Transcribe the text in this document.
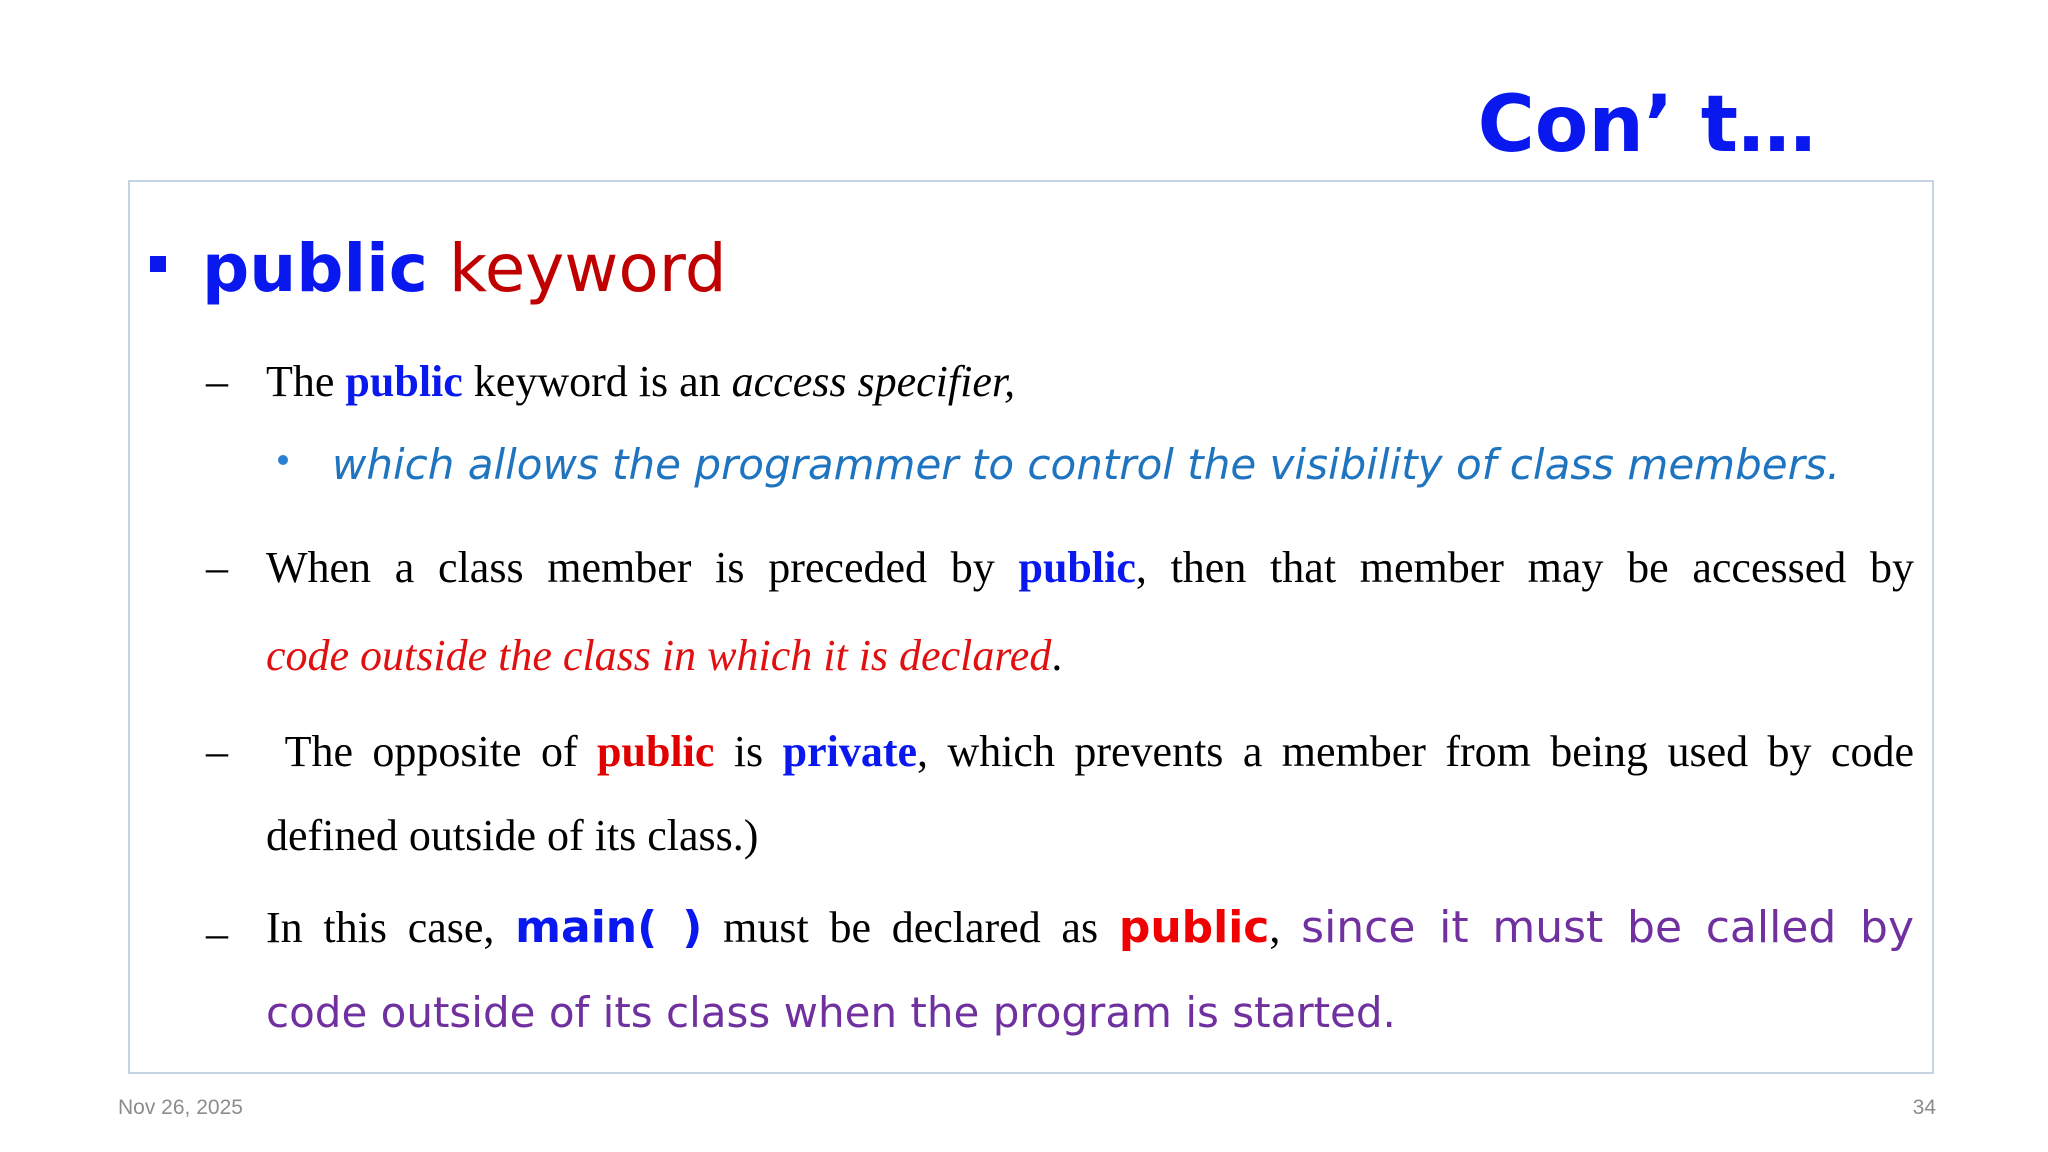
Con’ t…
public keyword
– The public keyword is an access specifier,
which allows the programmer to control the visibility of class members.
– When a class member is preceded by public, then that member may be accessed by
code outside the class in which it is declared.
– The opposite of public is private, which prevents a member from being used by code
defined outside of its class.)
– In this case, main( ) must be declared as public, since it must be called by
code outside of its class when the program is started.
Nov 26, 2025	34
